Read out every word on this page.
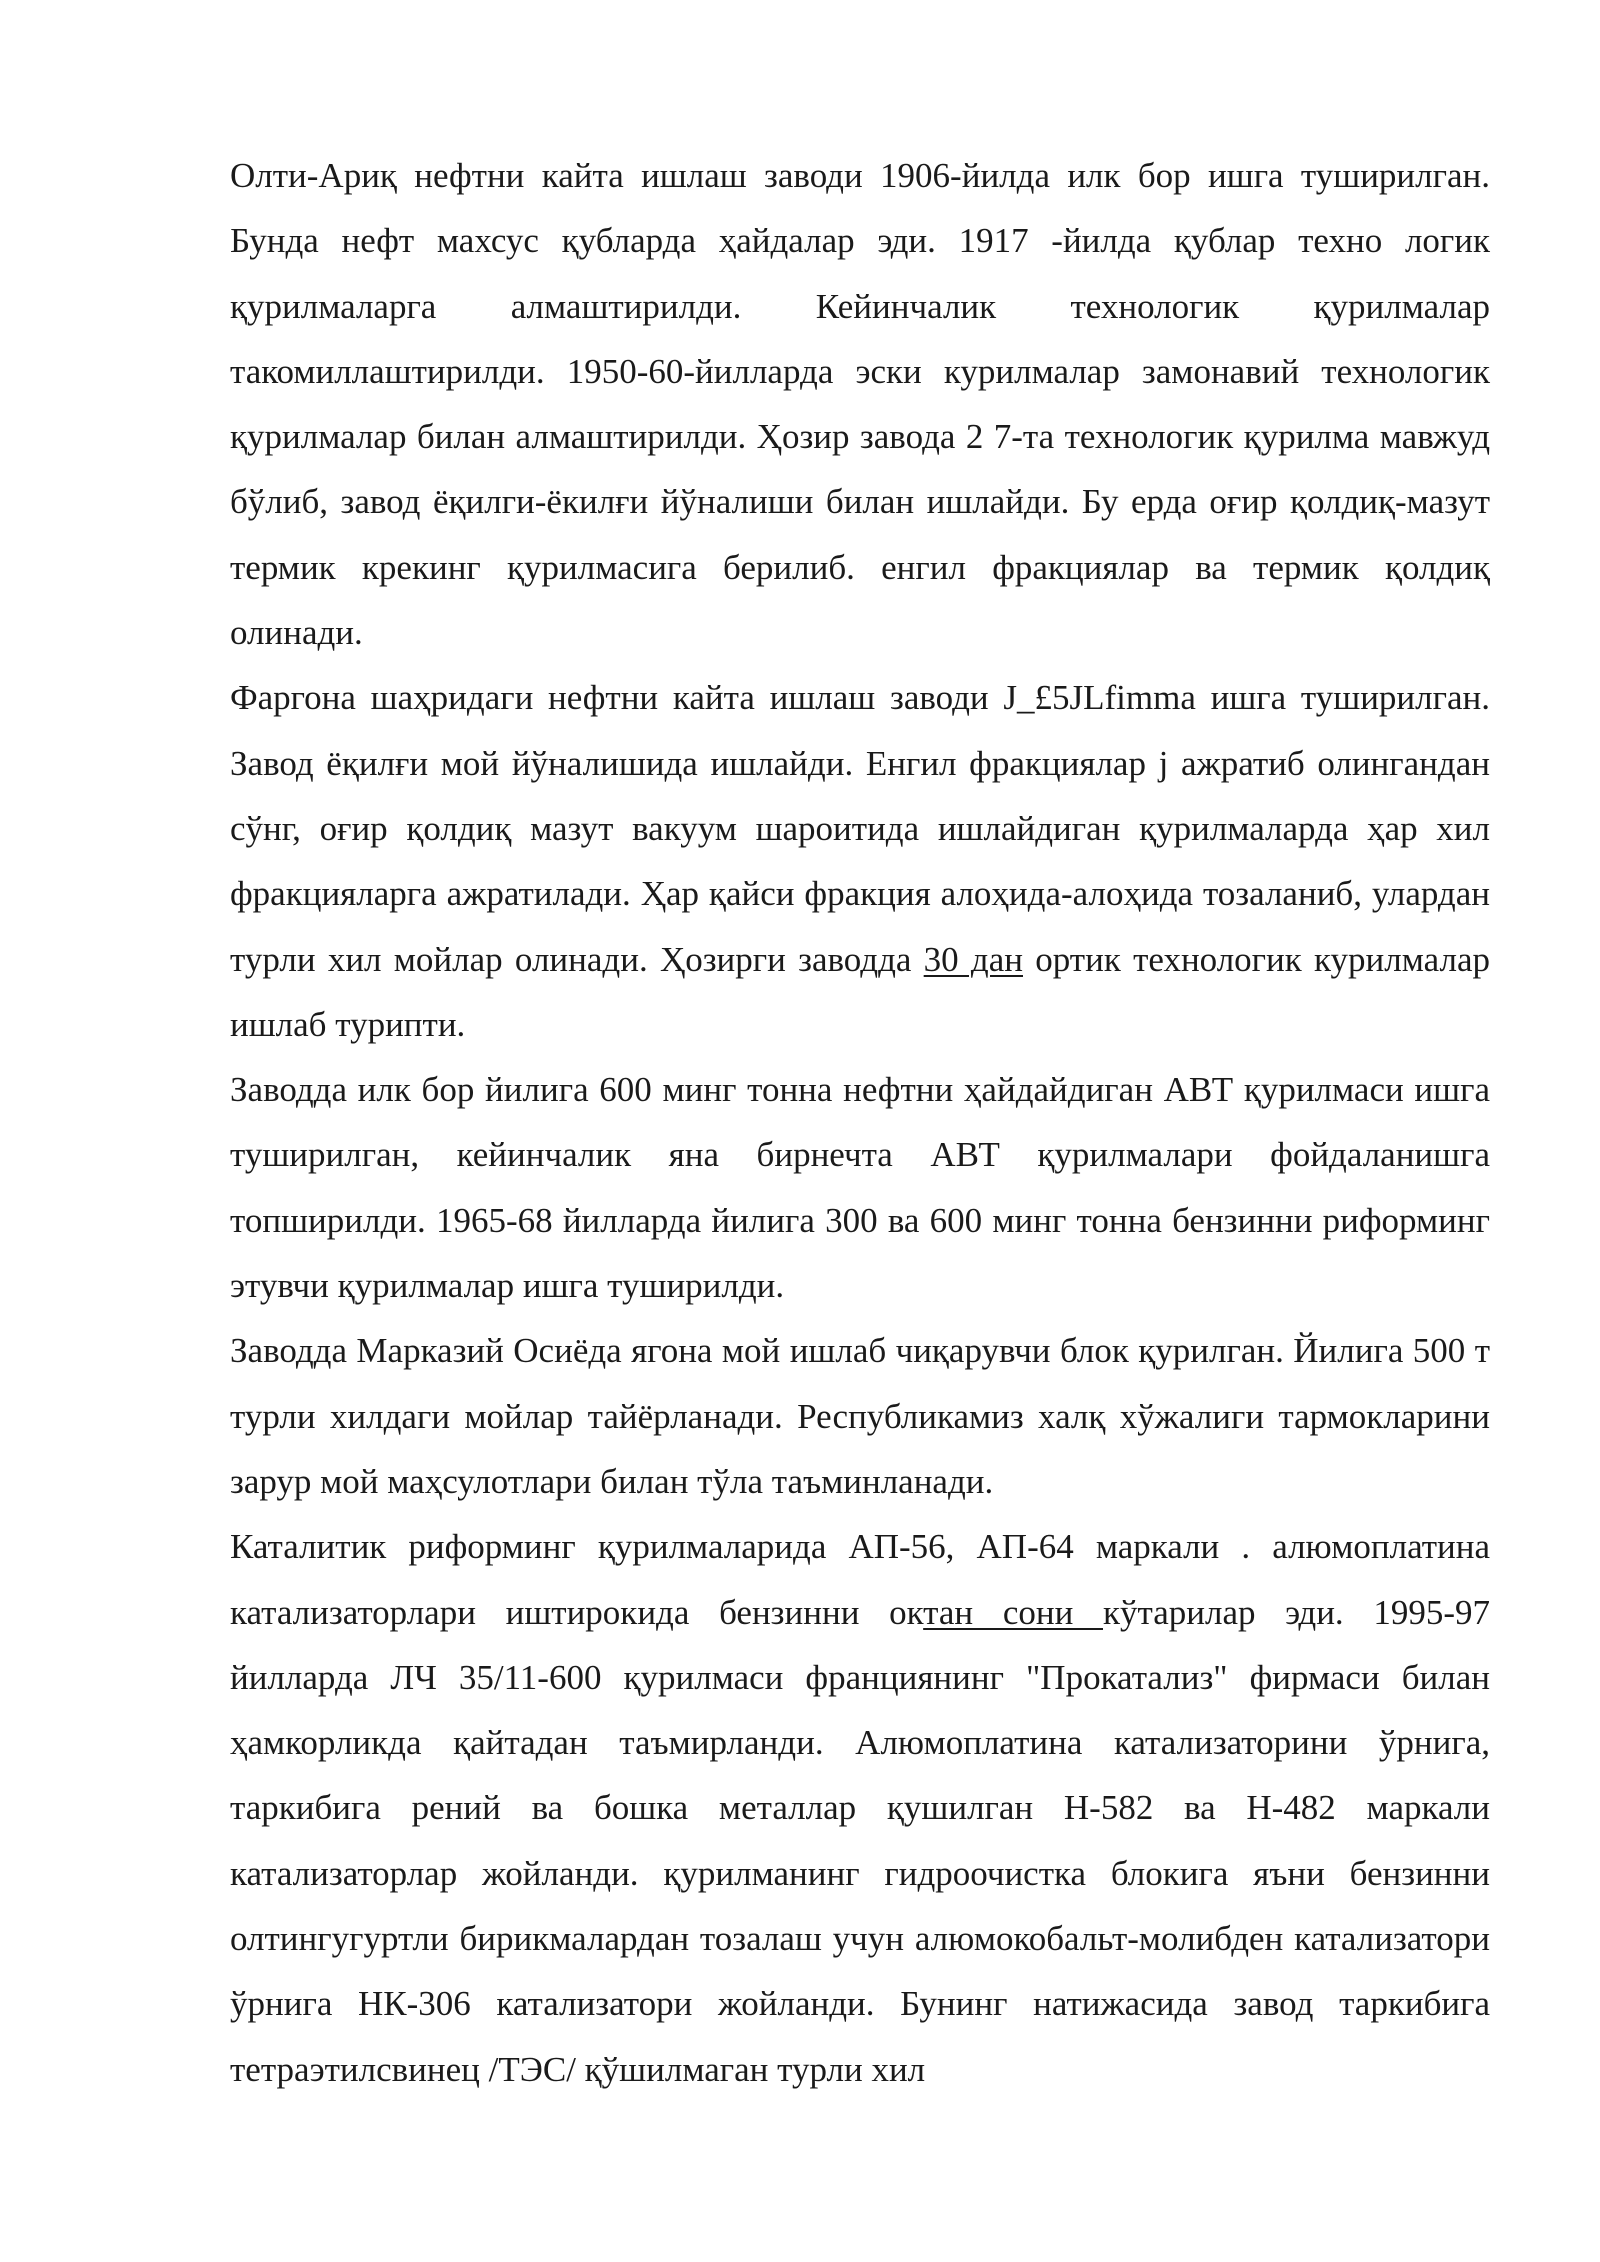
Олти-Ариқ нефтни кайта ишлаш заводи 1906-йилда илк бор ишга туширилган. Бунда нефт махсус қубларда ҳайдалар эди. 1917 -йилда қублар техно логик қурилмаларга алмаштирилди. Кейинчалик технологик қурилмалар такомиллаштирилди. 1950-60-йилларда эски курилмалар замонавий технологик қурилмалар билан алмаштирилди. Ҳозир завода 2 7-та технологик қурилма мавжуд бўлиб, завод ёқилги-ёкилғи йўналиши билан ишлайди. Бу ерда оғир қолдиқ-мазут термик крекинг қурилмасига берилиб. енгил фракциялар ва термик қолдиқ олинади.

Фаргона шаҳридаги нефтни кайта ишлаш заводи J_£5JLfimma ишга туширилган. Завод ёқилғи мой йўналишида ишлайди. Енгил фракциялар j ажратиб олингандан сўнг, оғир қолдиқ мазут вакуум шароитида ишлайдиган қурилмаларда ҳар хил фракцияларга ажратилади. Ҳар қайси фракция алоҳида-алоҳида тозаланиб, улардан турли хил мойлар олинади. Ҳозирги заводда 30 дан ортик технологик курилмалар ишлаб турипти.

Заводда илк бор йилига 600 минг тонна нефтни ҳайдайдиган АВТ қурилмаси ишга туширилган, кейинчалик яна бирнечта АВТ қурилмалари фойдаланишга топширилди. 1965-68 йилларда йилига 300 ва 600 минг тонна бензинни риформинг этувчи қурилмалар ишга туширилди.

Заводда Марказий Осиёда ягона мой ишлаб чиқарувчи блок қурилган. Йилига 500 т турли хилдаги мойлар тайёрланади. Республикамиз халқ хўжалиги тармокларини зарур мой маҳсулотлари билан тўла таъминланади.

Каталитик риформинг қурилмаларида АП-56, АП-64 маркали . алюмоплатина катализаторлари иштирокида бензинни октан сони кўтарилар эди. 1995-97 йилларда ЛЧ 35/11-600 қурилмаси франциянинг "Прокатализ" фирмаси билан ҳамкорликда қайтадан таъмирланди. Алюмоплатина катализаторини ўрнига, таркибига рений ва бошка металлар қушилган Н-582 ва Н-482 маркали катализаторлар жойланди. қурилманинг гидроочистка блокига яъни бензинни олтингугуртли бирикмалардан тозалаш учун алюмокобальт-молибден катализатори ўрнига НК-306 катализатори жойланди. Бунинг натижасида завод таркибига тетраэтилсвинец /ТЭС/ қўшилмаган турли хил
